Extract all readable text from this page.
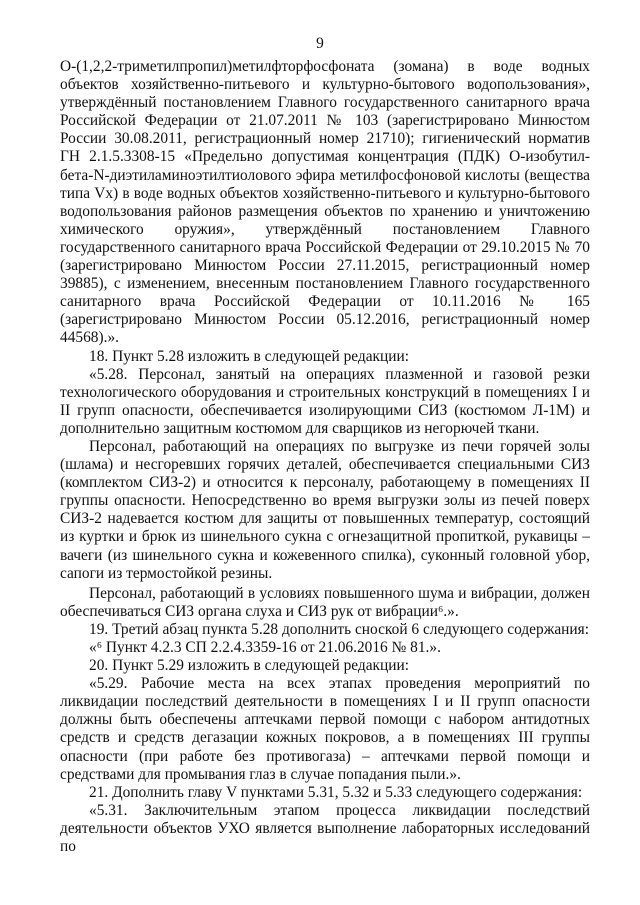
9

О-(1,2,2-триметилпропил)метилфторфосфоната (зомана) в воде водных объектов хозяйственно-питьевого и культурно-бытового водопользования», утверждённый постановлением Главного государственного санитарного врача Российской Федерации от 21.07.2011 № 103 (зарегистрировано Минюстом России 30.08.2011, регистрационный номер 21710); гигиенический норматив ГН 2.1.5.3308-15 «Предельно допустимая концентрация (ПДК) О-изобутил-бета-N-диэтиламиноэтилтиолового эфира метилфосфоновой кислоты (вещества типа Vx) в воде водных объектов хозяйственно-питьевого и культурно-бытового водопользования районов размещения объектов по хранению и уничтожению химического оружия», утверждённый постановлением Главного государственного санитарного врача Российской Федерации от 29.10.2015 № 70 (зарегистрировано Минюстом России 27.11.2015, регистрационный номер 39885), с изменением, внесенным постановлением Главного государственного санитарного врача Российской Федерации от 10.11.2016 № 165 (зарегистрировано Минюстом России 05.12.2016, регистрационный номер 44568).».

18. Пункт 5.28 изложить в следующей редакции:

«5.28. Персонал, занятый на операциях плазменной и газовой резки технологического оборудования и строительных конструкций в помещениях I и II групп опасности, обеспечивается изолирующими СИЗ (костюмом Л-1М) и дополнительно защитным костюмом для сварщиков из негорючей ткани.

Персонал, работающий на операциях по выгрузке из печи горячей золы (шлама) и несгоревших горячих деталей, обеспечивается специальными СИЗ (комплектом СИЗ-2) и относится к персоналу, работающему в помещениях II группы опасности. Непосредственно во время выгрузки золы из печей поверх СИЗ-2 надевается костюм для защиты от повышенных температур, состоящий из куртки и брюк из шинельного сукна с огнезащитной пропиткой, рукавицы – вачеги (из шинельного сукна и кожевенного спилка), суконный головной убор, сапоги из термостойкой резины.

Персонал, работающий в условиях повышенного шума и вибрации, должен обеспечиваться СИЗ органа слуха и СИЗ рук от вибрации⁶.».

19. Третий абзац пункта 5.28 дополнить сноской 6 следующего содержания:

«⁶ Пункт 4.2.3 СП 2.2.4.3359-16 от 21.06.2016 № 81.».

20. Пункт 5.29 изложить в следующей редакции:

«5.29. Рабочие места на всех этапах проведения мероприятий по ликвидации последствий деятельности в помещениях I и II групп опасности должны быть обеспечены аптечками первой помощи с набором антидотных средств и средств дегазации кожных покровов, а в помещениях III группы опасности (при работе без противогаза) – аптечками первой помощи и средствами для промывания глаз в случае попадания пыли.».

21. Дополнить главу V пунктами 5.31, 5.32 и 5.33 следующего содержания:

«5.31. Заключительным этапом процесса ликвидации последствий деятельности объектов УХО является выполнение лабораторных исследований по
